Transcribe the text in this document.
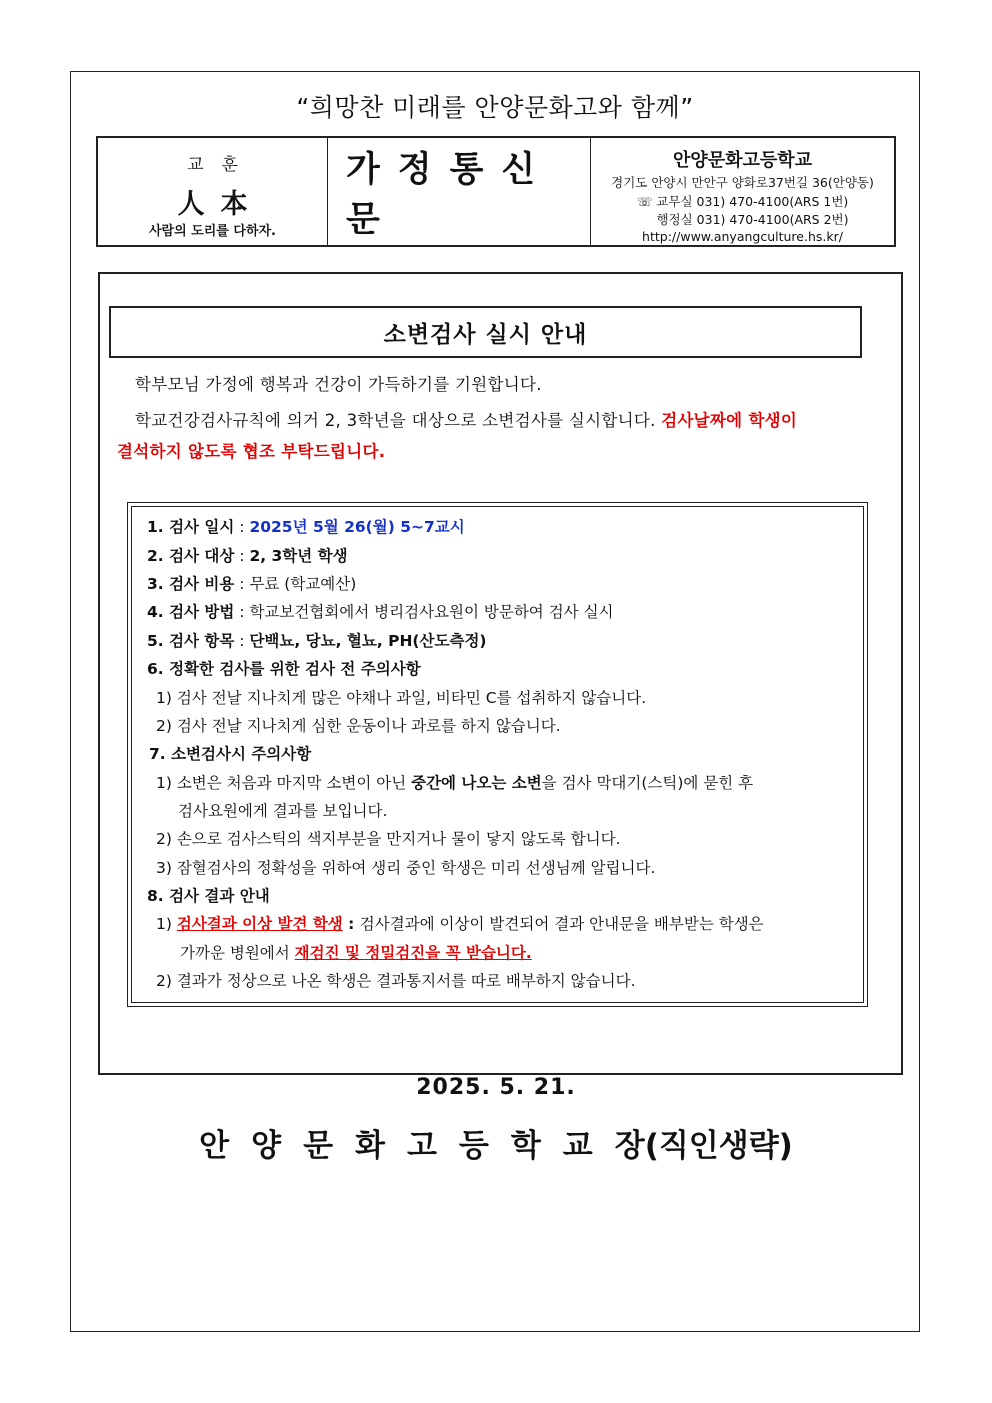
“희망찬 미래를 안양문화고와 함께”
교훈
人本
사람의 도리를 다하자.
가정통신문
안양문화고등학교
경기도 안양시 만안구 양화로37번길 36(안양동)
☏ 교무실 031) 470-4100(ARS 1번)
행정실 031) 470-4100(ARS 2번)
http://www.anyangculture.hs.kr/
소변검사 실시 안내
학부모님 가정에 행복과 건강이 가득하기를 기원합니다.
학교건강검사규칙에 의거 2, 3학년을 대상으로 소변검사를 실시합니다. 검사날짜에 학생이
결석하지 않도록 협조 부탁드립니다.
1. 검사 일시 : 2025년 5월 26(월) 5~7교시
2. 검사 대상 : 2, 3학년 학생
3. 검사 비용 : 무료 (학교예산)
4. 검사 방법 : 학교보건협회에서 병리검사요원이 방문하여 검사 실시
5. 검사 항목 : 단백뇨, 당뇨, 혈뇨, PH(산도측정)
6. 정확한 검사를 위한 검사 전 주의사항
1) 검사 전날 지나치게 많은 야채나 과일, 비타민 C를 섭취하지 않습니다.
2) 검사 전날 지나치게 심한 운동이나 과로를 하지 않습니다.
7. 소변검사시 주의사항
1) 소변은 처음과 마지막 소변이 아닌 중간에 나오는 소변을 검사 막대기(스틱)에 묻힌 후
검사요원에게 결과를 보입니다.
2) 손으로 검사스틱의 색지부분을 만지거나 물이 닿지 않도록 합니다.
3) 잠혈검사의 정확성을 위하여 생리 중인 학생은 미리 선생님께 알립니다.
8. 검사 결과 안내
1) 검사결과 이상 발견 학생 : 검사결과에 이상이 발견되어 결과 안내문을 배부받는 학생은
가까운 병원에서 재검진 및 정밀검진을 꼭 받습니다.
2) 결과가 정상으로 나온 학생은 결과통지서를 따로 배부하지 않습니다.
2025. 5. 21.
안양문화고등학교장(직인생략)
